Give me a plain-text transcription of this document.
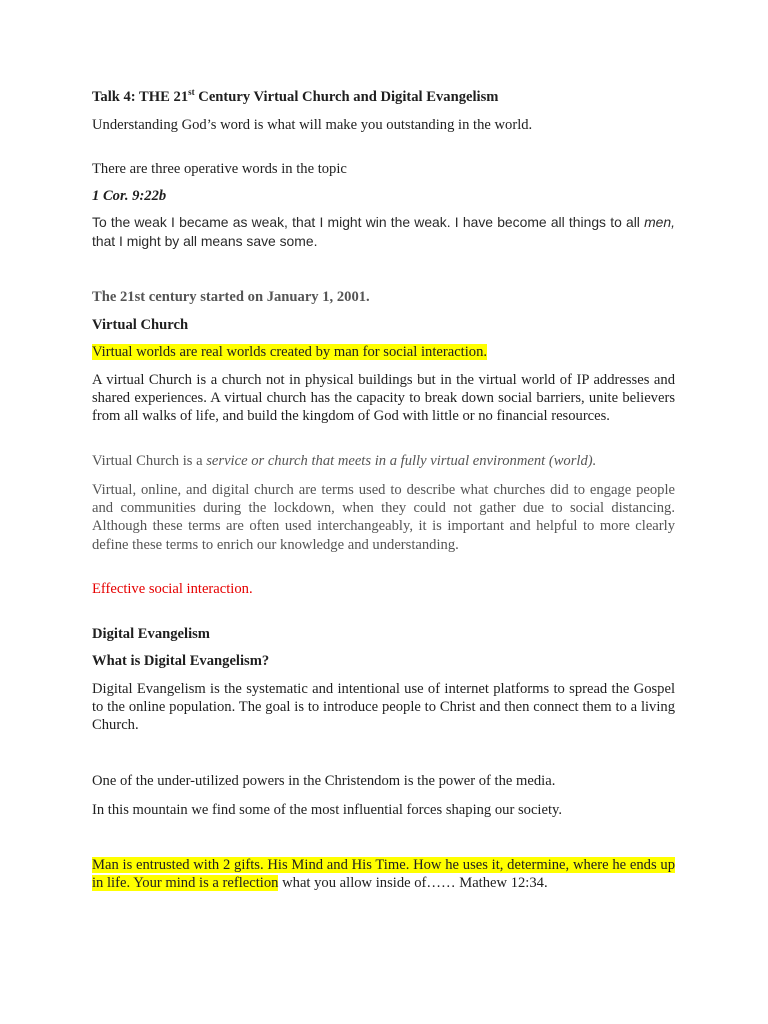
Talk 4: THE 21st Century Virtual Church and Digital Evangelism

Understanding God’s word is what will make you outstanding in the world.

There are three operative words in the topic

1 Cor. 9:22b

To the weak I became as weak, that I might win the weak. I have become all things to all men, that I might by all means save some.

The 21st century started on January 1, 2001.

Virtual Church

Virtual worlds are real worlds created by man for social interaction.

A virtual Church is a church not in physical buildings but in the virtual world of IP addresses and shared experiences. A virtual church has the capacity to break down social barriers, unite believers from all walks of life, and build the kingdom of God with little or no financial resources.

Virtual Church is a service or church that meets in a fully virtual environment (world).

Virtual, online, and digital church are terms used to describe what churches did to engage people and communities during the lockdown, when they could not gather due to social distancing. Although these terms are often used interchangeably, it is important and helpful to more clearly define these terms to enrich our knowledge and understanding.

Effective social interaction.

Digital Evangelism

What is Digital Evangelism?

Digital Evangelism is the systematic and intentional use of internet platforms to spread the Gospel to the online population. The goal is to introduce people to Christ and then connect them to a living Church.

One of the under-utilized powers in the Christendom is the power of the media.

In this mountain we find some of the most influential forces shaping our society.

Man is entrusted with 2 gifts. His Mind and His Time. How he uses it, determine, where he ends up in life. Your mind is a reflection what you allow inside of…… Mathew 12:34.
